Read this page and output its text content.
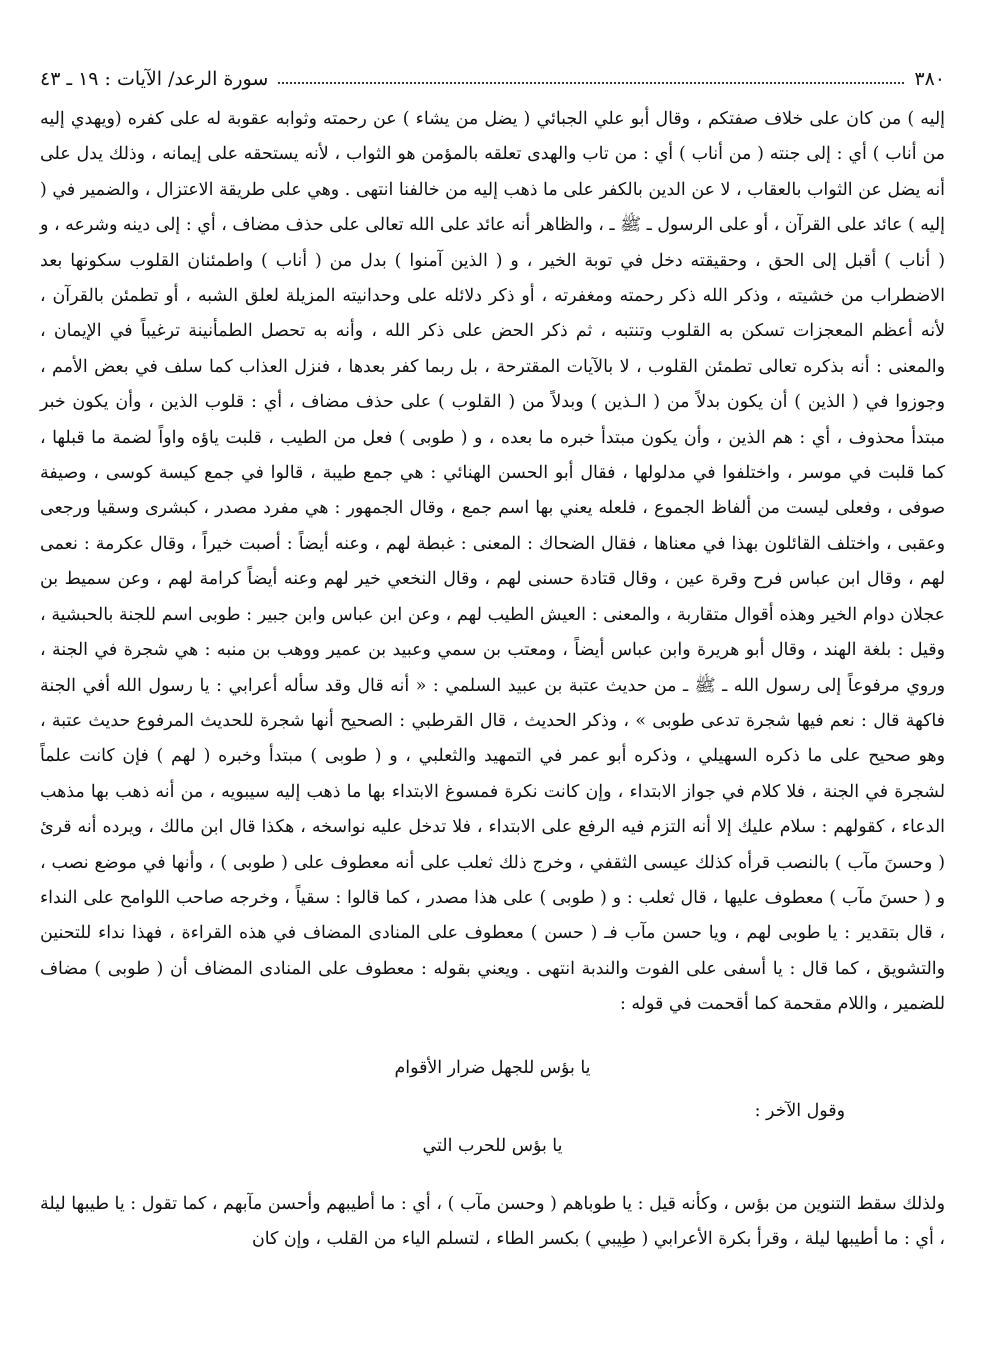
٣٨٠
سورة الرعد/ الآيات : ١٩ ـ ٤٣

إليه ) من كان على خلاف صفتكم ، وقال أبو علي الجبائي ( يضل من يشاء ) عن رحمته وثوابه عقوبة له على كفره (ويهدي إليه من أناب ) أي : إلى جنته ( من أناب ) أي : من تاب والهدى تعلقه بالمؤمن هو الثواب ، لأنه يستحقه على إيمانه ، وذلك يدل على أنه يضل عن الثواب بالعقاب ، لا عن الدين بالكفر على ما ذهب إليه من خالفنا انتهى . وهي على طريقة الاعتزال ، والضمير في ( إليه ) عائد على القرآن ، أو على الرسول ـ ﷺ ـ ، والظاهر أنه عائد على الله تعالى على حذف مضاف ، أي : إلى دينه وشرعه ، و ( أناب ) أقبل إلى الحق ، وحقيقته دخل في توبة الخير ، و ( الذين آمنوا ) بدل من ( أناب ) واطمئنان القلوب سكونها بعد الاضطراب من خشيته ، وذكر الله ذكر رحمته ومغفرته ، أو ذكر دلائله على وحدانيته المزيلة لعلق الشبه ، أو تطمئن بالقرآن ، لأنه أعظم المعجزات تسكن به القلوب وتنتبه ، ثم ذكر الحض على ذكر الله ، وأنه به تحصل الطمأنينة ترغيباً في الإيمان ، والمعنى : أنه بذكره تعالى تطمئن القلوب ، لا بالآيات المقترحة ، بل ربما كفر بعدها ، فنزل العذاب كما سلف في بعض الأمم ، وجوزوا في ( الذين ) أن يكون بدلاً من ( الـذين ) وبدلاً من ( القلوب ) على حذف مضاف ، أي : قلوب الذين ، وأن يكون خبر مبتدأ محذوف ، أي : هم الذين ، وأن يكون مبتدأ خبره ما بعده ، و ( طوبى ) فعل من الطيب ، قلبت ياؤه واواً لضمة ما قبلها ، كما قلبت في موسر ، واختلفوا في مدلولها ، فقال أبو الحسن الهنائي : هي جمع طيبة ، قالوا في جمع كيسة كوسى ، وصيفة صوفى ، وفعلى ليست من ألفاظ الجموع ، فلعله يعني بها اسم جمع ، وقال الجمهور : هي مفرد مصدر ، كبشرى وسقيا ورجعى وعقبى ، واختلف القائلون بهذا في معناها ، فقال الضحاك : المعنى : غبطة لهم ، وعنه أيضاً : أصبت خيراً ، وقال عكرمة : نعمى لهم ، وقال ابن عباس فرح وقرة عين ، وقال قتادة حسنى لهم ، وقال النخعي خير لهم وعنه أيضاً كرامة لهم ، وعن سميط بن عجلان دوام الخير وهذه أقوال متقاربة ، والمعنى : العيش الطيب لهم ، وعن ابن عباس وابن جبير : طوبى اسم للجنة بالحبشية ، وقيل : بلغة الهند ، وقال أبو هريرة وابن عباس أيضاً ، ومعتب بن سمي وعبيد بن عمير ووهب بن منبه : هي شجرة في الجنة ، وروي مرفوعاً إلى رسول الله ـ ﷺ ـ من حديث عتبة بن عبيد السلمي : « أنه قال وقد سأله أعرابي : يا رسول الله أفي الجنة فاكهة قال : نعم فيها شجرة تدعى طوبى » ، وذكر الحديث ، قال القرطبي : الصحيح أنها شجرة للحديث المرفوع حديث عتبة ، وهو صحيح على ما ذكره السهيلي ، وذكره أبو عمر في التمهيد والثعلبي ، و ( طوبى ) مبتدأ وخبره ( لهم ) فإن كانت علماً لشجرة في الجنة ، فلا كلام في جواز الابتداء ، وإن كانت نكرة فمسوغ الابتداء بها ما ذهب إليه سيبويه ، من أنه ذهب بها مذهب الدعاء ، كقولهم : سلام عليك إلا أنه التزم فيه الرفع على الابتداء ، فلا تدخل عليه نواسخه ، هكذا قال ابن مالك ، ويرده أنه قرئ ( وحسنَ مآب ) بالنصب قرأه كذلك عيسى الثقفي ، وخرج ذلك ثعلب على أنه معطوف على ( طوبى ) ، وأنها في موضع نصب ، و ( حسنَ مآب ) معطوف عليها ، قال ثعلب : و ( طوبى ) على هذا مصدر ، كما قالوا : سقياً ، وخرجه صاحب اللوامح على النداء ، قال بتقدير : يا طوبى لهم ، ويا حسن مآب فـ ( حسن ) معطوف على المنادى المضاف في هذه القراءة ، فهذا نداء للتحنين والتشويق ، كما قال : يا أسفى على الفوت والندبة انتهى . ويعني بقوله : معطوف على المنادى المضاف أن ( طوبى ) مضاف للضمير ، واللام مقحمة كما أقحمت في قوله :

يا بؤس للجهل ضرار الأقوام

وقول الآخر :

يا بؤس للحرب التي

ولذلك سقط التنوين من بؤس ، وكأنه قيل : يا طوباهم ( وحسن مآب ) ، أي : ما أطيبهم وأحسن مآبهم ، كما تقول : يا طيبها ليلة ، أي : ما أطيبها ليلة ، وقرأ بكرة الأعرابي ( طِيبي ) بكسر الطاء ، لتسلم الياء من القلب ، وإن كان
